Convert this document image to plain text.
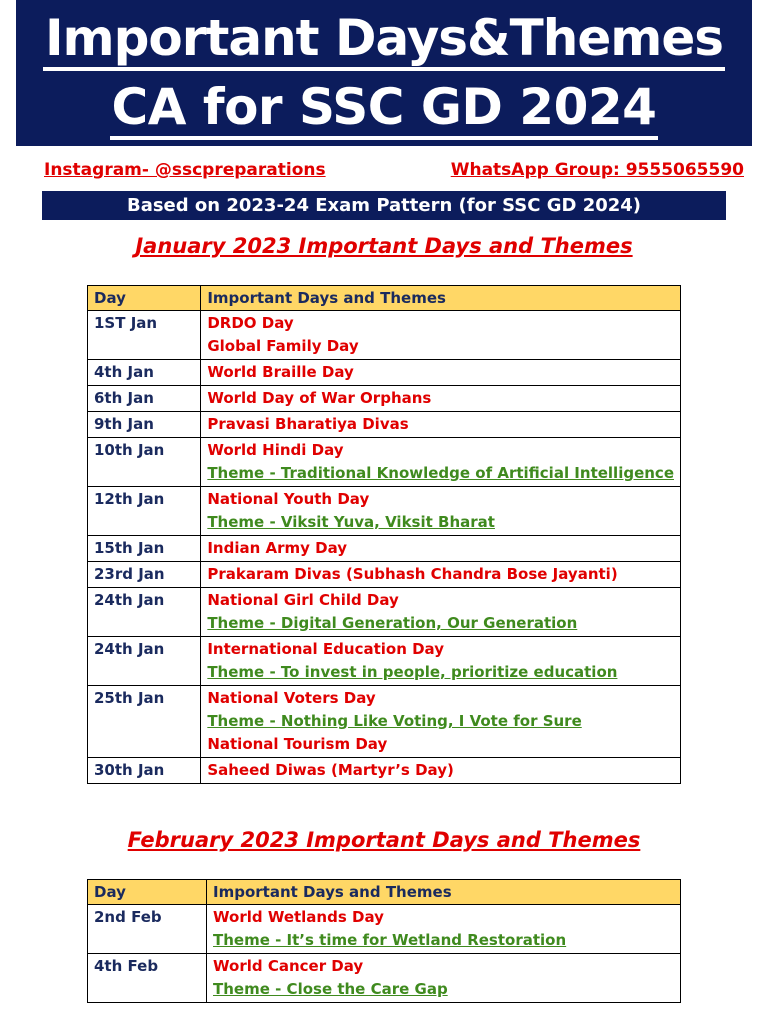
Important Days&Themes
CA for SSC GD 2024
Instagram- @sscpreparations	WhatsApp Group: 9555065590
Based on 2023-24 Exam Pattern (for SSC GD 2024)
January 2023 Important Days and Themes
Day	Important Days and Themes
1ST Jan	DRDO Day
Global Family Day

4th Jan	World Braille Day

6th Jan	World Day of War Orphans

9th Jan	Pravasi Bharatiya Divas

10th Jan	World Hindi Day
Theme - Traditional Knowledge of Artificial Intelligence

12th Jan	National Youth Day
Theme - Viksit Yuva, Viksit Bharat

15th Jan	Indian Army Day

23rd Jan	Prakaram Divas (Subhash Chandra Bose Jayanti)

24th Jan	National Girl Child Day
Theme - Digital Generation, Our Generation

24th Jan	International Education Day
Theme - To invest in people, prioritize education

25th Jan	National Voters Day
Theme - Nothing Like Voting, I Vote for Sure
National Tourism Day

30th Jan	Saheed Diwas (Martyr’s Day)
February 2023 Important Days and Themes
Day	Important Days and Themes
2nd Feb	World Wetlands Day
Theme - It’s time for Wetland Restoration

4th Feb	World Cancer Day
Theme - Close the Care Gap
